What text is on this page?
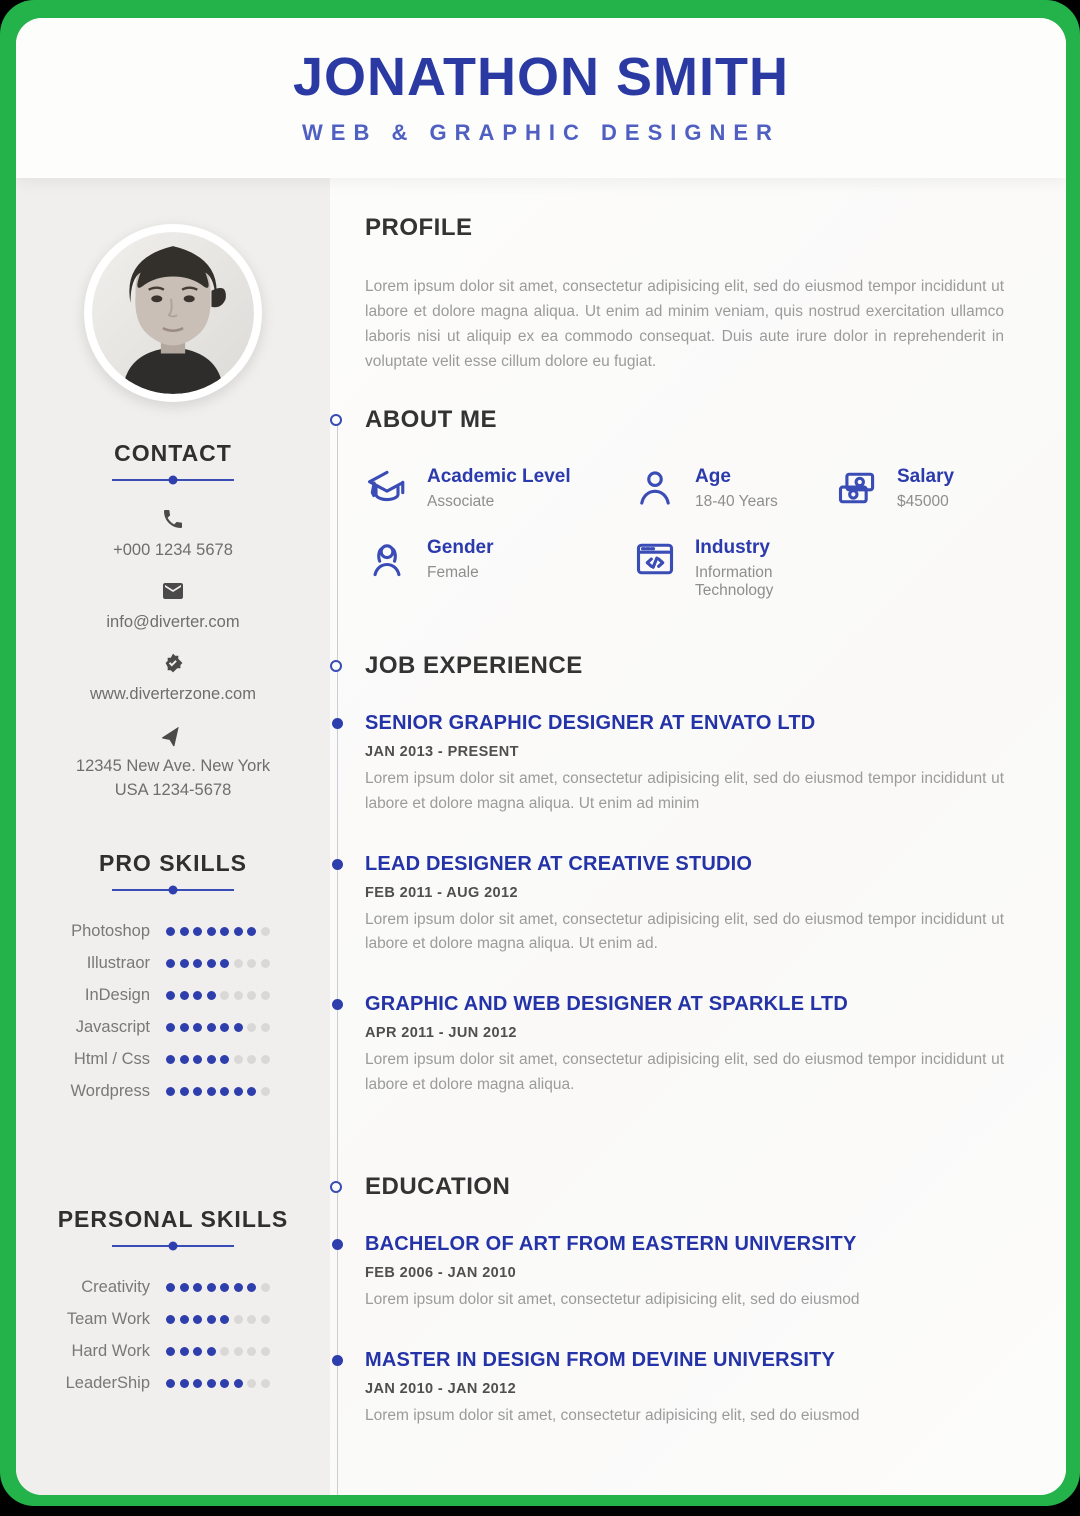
JONATHON SMITH
WEB & GRAPHIC DESIGNER
CONTACT
+000 1234 5678
info@diverter.com
www.diverterzone.com
12345 New Ave. New York
USA 1234-5678
PRO SKILLS
Photoshop
Illustraor
InDesign
Javascript
Html / Css
Wordpress
PERSONAL SKILLS
Creativity
Team Work
Hard Work
LeaderShip
PROFILE

Lorem ipsum dolor sit amet, consectetur adipisicing elit, sed do eiusmod tempor incididunt ut labore et dolore magna aliqua. Ut enim ad minim veniam, quis nostrud exercitation ullamco laboris nisi ut aliquip ex ea commodo consequat. Duis aute irure dolor in reprehenderit in voluptate velit esse cillum dolore eu fugiat.

ABOUT ME
Academic Level
Associate
Age
18-40 Years
Salary
$45000
Gender
Female
Industry
Information Technology
JOB EXPERIENCE
SENIOR GRAPHIC DESIGNER AT ENVATO LTD
JAN 2013 - PRESENT

Lorem ipsum dolor sit amet, consectetur adipisicing elit, sed do eiusmod tempor incididunt ut labore et dolore magna aliqua. Ut enim ad minim

LEAD DESIGNER AT CREATIVE STUDIO
FEB 2011 - AUG 2012

Lorem ipsum dolor sit amet, consectetur adipisicing elit, sed do eiusmod tempor incididunt ut labore et dolore magna aliqua. Ut enim ad.

GRAPHIC AND WEB DESIGNER AT SPARKLE LTD
APR 2011 - JUN 2012

Lorem ipsum dolor sit amet, consectetur adipisicing elit, sed do eiusmod tempor incididunt ut labore et dolore magna aliqua.

EDUCATION
BACHELOR OF ART FROM EASTERN UNIVERSITY
FEB 2006 - JAN 2010

Lorem ipsum dolor sit amet, consectetur adipisicing elit, sed do eiusmod

MASTER IN DESIGN FROM DEVINE UNIVERSITY
JAN 2010 - JAN 2012

Lorem ipsum dolor sit amet, consectetur adipisicing elit, sed do eiusmod
